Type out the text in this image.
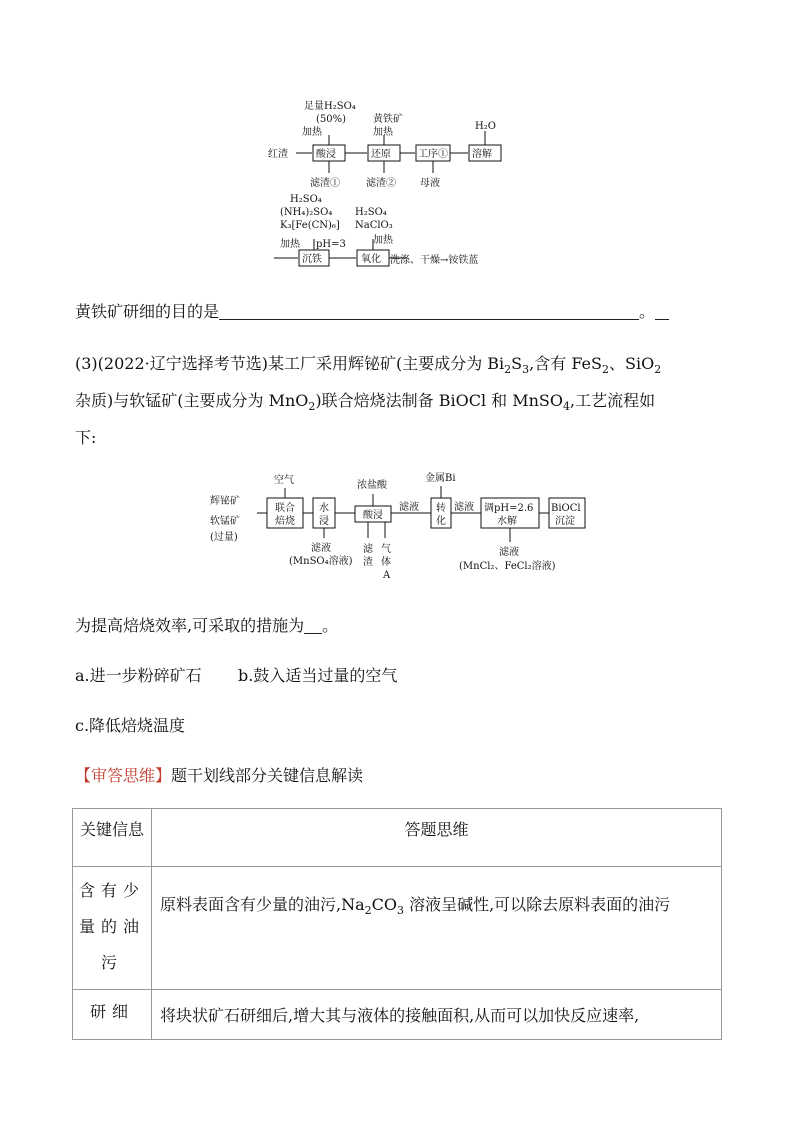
足量H₂SO₄
(50%)
加热
黄铁矿
加热
H₂O
红渣	酸浸	还原	工序① 溶解
滤渣①	滤渣② 母液
H₂SO₄
(NH₄)₂SO₄
K₃[Fe(CN)₆]
加热 pH=3
H₂SO₄
NaClO₃
加热
沉铁	氧化 洗涤、干燥→铵铁蓝
黄铁矿研细的目的是	。
(3)(2022·辽宁选择考节选)某工厂采用辉铋矿(主要成分为 $Bi_2S_3$,含有 FeS$_2$、SiO$_2$
杂质)与软锰矿(主要成分为 MnO$_2$)联合焙烧法制备 BiOCl 和 MnSO$_4$,工艺流程如
下:
辉铋矿
软锰矿
(过量)
空气
联合
焙烧
水
浸
滤液
(MnSO₄溶液)
浓盐酸
酸浸
滤
渣
气
体
A
滤液
金属Bi
转
化
滤液 调pH=2.6
水解
滤液
(MnCl₂、FeCl₂溶液)
BiOCl
沉淀
为提高焙烧效率,可采取的措施为 。
a.进一步粉碎矿石 b.鼓入适当过量的空气
c.降低焙烧温度
【审答思维】题干划线部分关键信息解读
关键信息	答题思维
含有少量的油污	原料表面含有少量的油污$,Na_2CO_3$ 溶液呈碱性,可以除去原料表面的油污
研细	将块状矿石研细后,增大其与液体的接触面积,从而可以加快反应速率,
